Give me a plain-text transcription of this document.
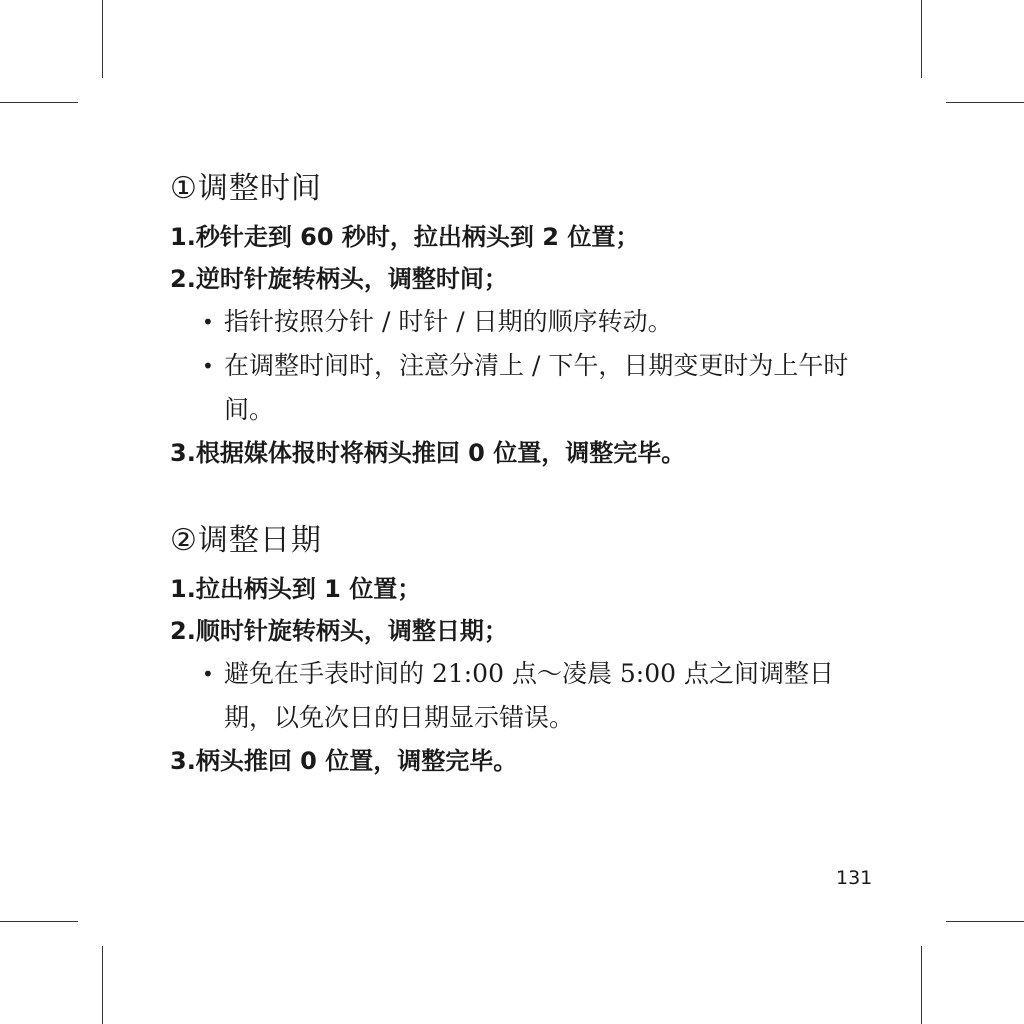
①调整时间

1.秒针走到 60 秒时，拉出柄头到 2 位置；

2.逆时针旋转柄头，调整时间；

• 指针按照分针 / 时针 / 日期的顺序转动。
• 在调整时间时，注意分清上 / 下午，日期变更时为上午时间。

3.根据媒体报时将柄头推回 0 位置，调整完毕。

②调整日期

1.拉出柄头到 1 位置；

2.顺时针旋转柄头，调整日期；

• 避免在手表时间的 21:00 点～凌晨 5:00 点之间调整日期，以免次日的日期显示错误。

3.柄头推回 0 位置，调整完毕。

131
